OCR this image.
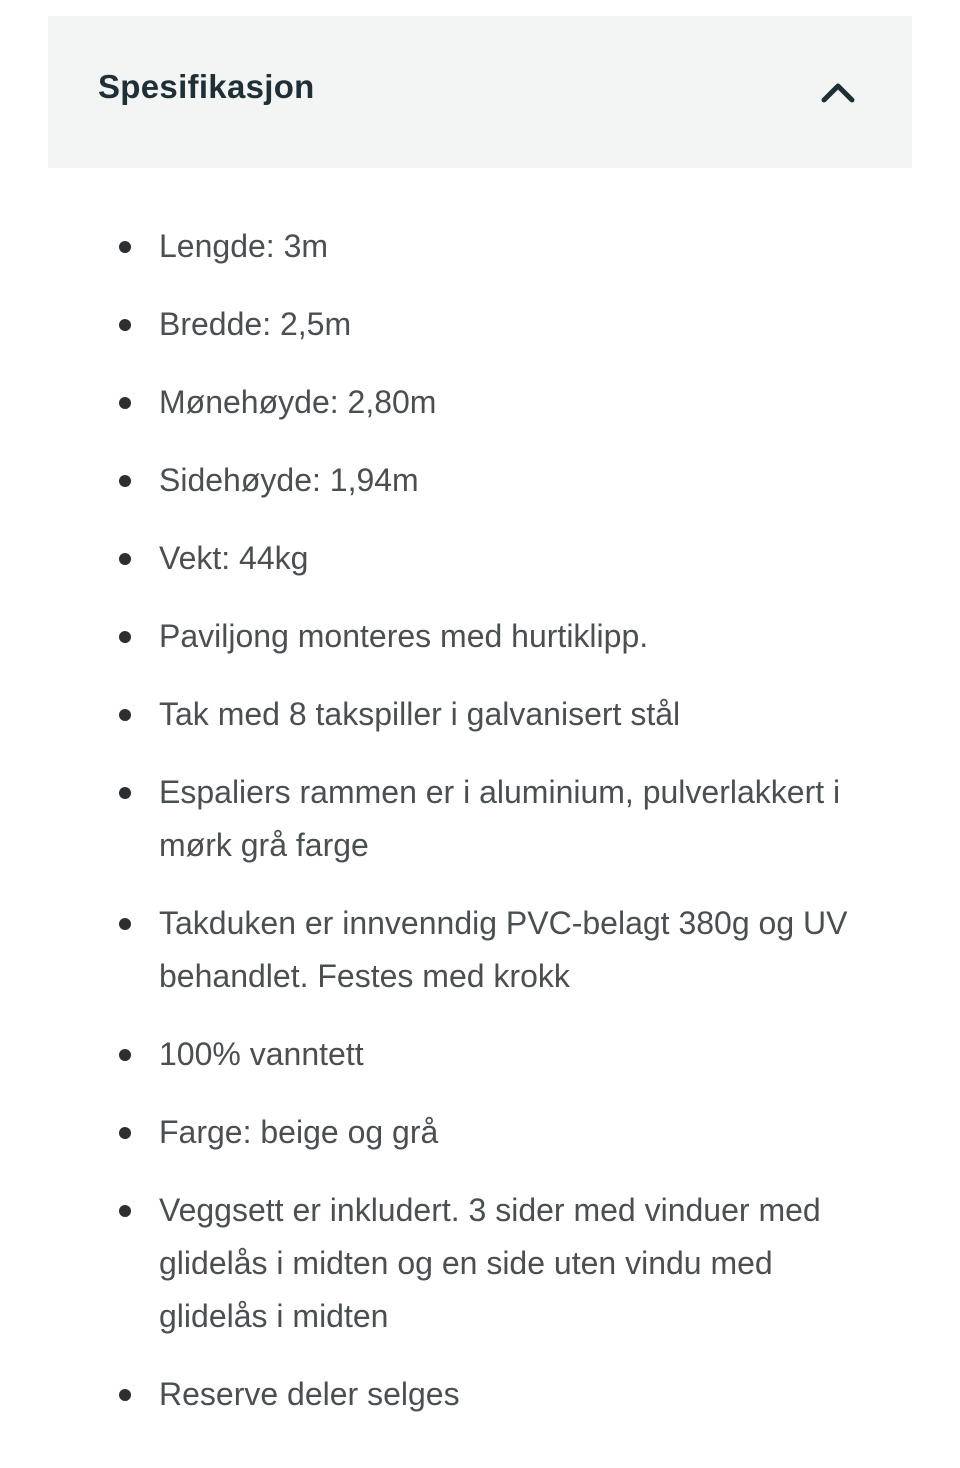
Spesifikasjon
Lengde: 3m
Bredde: 2,5m
Mønehøyde: 2,80m
Sidehøyde: 1,94m
Vekt: 44kg
Paviljong monteres med hurtiklipp.
Tak med 8 takspiller i galvanisert stål
Espaliers rammen er i aluminium, pulverlakkert i mørk grå farge
Takduken er innvenndig PVC-belagt 380g og UV behandlet. Festes med krokk
100% vanntett
Farge: beige og grå
Veggsett er inkludert. 3 sider med vinduer med glidelås i midten og en side uten vindu med glidelås i midten
Reserve deler selges
